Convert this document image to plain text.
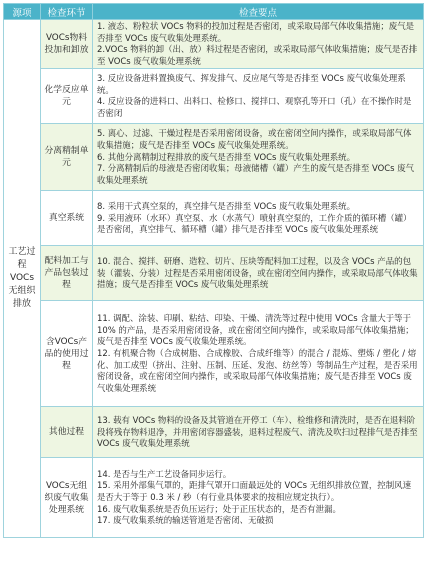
源项	检查环节	检查要点
工艺过程VOCs无组织排放	VOCs物料投加和卸放	1. 液态、粉粒状 VOCs 物料的投加过程是否密闭，或采取局部气体收集措施；废气是否排至 VOCs 废气收集处理系统。
2.VOCs 物料的卸（出、放）料过程是否密闭，或采取局部气体收集措施；废气是否排至 VOCs 废气收集处理系统

	化学反应单元	3. 反应设备进料置换废气、挥发排气、反应尾气等是否排至 VOCs 废气收集处理系统。
4. 反应设备的进料口、出料口、检修口、搅拌口、观察孔等开口（孔）在不操作时是否密闭

	分离精制单元	5. 离心、过滤、干燥过程是否采用密闭设备，或在密闭空间内操作，或采取局部气体收集措施；废气是否排至 VOCs 废气收集处理系统。
6. 其他分离精制过程排放的废气是否排至 VOCs 废气收集处理系统。
7. 分离精制后的母液是否密闭收集；母液储槽（罐）产生的废气是否排至 VOCs 废气收集处理系统

	真空系统	8. 采用干式真空泵的，真空排气是否排至 VOCs 废气收集处理系统。
9. 采用液环（水环）真空泵、水（水蒸气）喷射真空泵的，工作介质的循环槽（罐）是否密闭，真空排气、循环槽（罐）排气是否排至 VOCs 废气收集处理系统

	配料加工与产品包装过程	10. 混合、搅拌、研磨、造粒、切片、压块等配料加工过程，以及含 VOCs 产品的包装（灌装、分装）过程是否采用密闭设备，或在密闭空间内操作，或采取局部气体收集措施；废气是否排至 VOCs 废气收集处理系统

	含VOCs产品的使用过程	11. 调配、涂装、印刷、粘结、印染、干燥、清洗等过程中使用 VOCs 含量大于等于 10% 的产品，是否采用密闭设备，或在密闭空间内操作，或采取局部气体收集措施；废气是否排至 VOCs 废气收集处理系统。
12. 有机聚合物（合成树脂、合成橡胶、合成纤维等）的混合 / 混炼、塑炼 / 塑化 / 熔化、加工成型（挤出、注射、压制、压延、发泡、纺丝等）等制品生产过程，是否采用密闭设备，或在密闭空间内操作，或采取局部气体收集措施；废气是否排至 VOCs 废气收集处理系统

	其他过程	13. 载有 VOCs 物料的设备及其管道在开停工（车）、检维修和清洗时，是否在退料阶段将残存物料退净，并用密闭容器盛装，退料过程废气、清洗及吹扫过程排气是否排至 VOCs 废气收集处理系统

	VOCs无组织废气收集处理系统	14. 是否与生产工艺设备同步运行。
15. 采用外部集气罩的，距排气罩开口面最远处的 VOCs 无组织排放位置，控制风速是否大于等于 0.3 米 / 秒（有行业具体要求的按相应规定执行）。
16. 废气收集系统是否负压运行；处于正压状态的，是否有泄漏。
17. 废气收集系统的输送管道是否密闭、无破损
